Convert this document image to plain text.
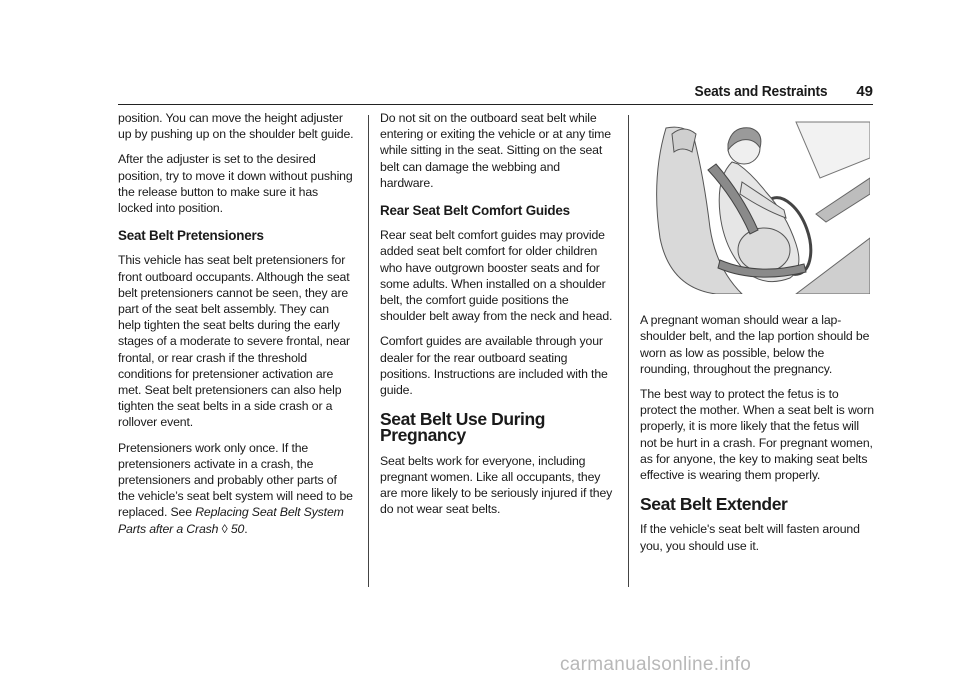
Seats and Restraints 49

position. You can move the height adjuster up by pushing up on the shoulder belt guide.

After the adjuster is set to the desired position, try to move it down without pushing the release button to make sure it has locked into position.

Seat Belt Pretensioners

This vehicle has seat belt pretensioners for front outboard occupants. Although the seat belt pretensioners cannot be seen, they are part of the seat belt assembly. They can help tighten the seat belts during the early stages of a moderate to severe frontal, near frontal, or rear crash if the threshold conditions for pretensioner activation are met. Seat belt pretensioners can also help tighten the seat belts in a side crash or a rollover event.

Pretensioners work only once. If the pretensioners activate in a crash, the pretensioners and probably other parts of the vehicle’s seat belt system will need to be replaced. See Replacing Seat Belt System Parts after a Crash ◊ 50.

Do not sit on the outboard seat belt while entering or exiting the vehicle or at any time while sitting in the seat. Sitting on the seat belt can damage the webbing and hardware.

Rear Seat Belt Comfort Guides

Rear seat belt comfort guides may provide added seat belt comfort for older children who have outgrown booster seats and for some adults. When installed on a shoulder belt, the comfort guide positions the shoulder belt away from the neck and head.

Comfort guides are available through your dealer for the rear outboard seating positions. Instructions are included with the guide.

Seat Belt Use During Pregnancy

Seat belts work for everyone, including pregnant women. Like all occupants, they are more likely to be seriously injured if they do not wear seat belts.

A pregnant woman should wear a lap-shoulder belt, and the lap portion should be worn as low as possible, below the rounding, throughout the pregnancy.

The best way to protect the fetus is to protect the mother. When a seat belt is worn properly, it is more likely that the fetus will not be hurt in a crash. For pregnant women, as for anyone, the key to making seat belts effective is wearing them properly.

Seat Belt Extender

If the vehicle's seat belt will fasten around you, you should use it.

carmanualsonline.info
